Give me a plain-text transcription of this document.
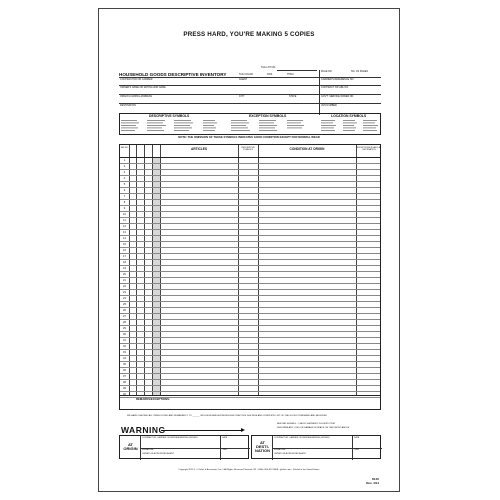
PRESS HARD, YOU'RE MAKING 5 COPIES
TAG LOT NO.
HOUSEHOLD GOODS DESCRIPTIVE INVENTORY	TAG COLOR	NOS.	THRU
PAGE NO.	NO. OF PAGES
CONTRACTOR OR CARRIER	AGENT	CARRIER'S REFERENCE NO.
OWNER'S NAME OR RATING AND NAME	CONTRACT OR GBL NO.
ORIGIN LOADING ADDRESS	CITY	STATE	GOV'T. SERVICE ORDER NO.
DESTINATION	VAN NUMBER
DESCRIPTIVE SYMBOLS	EXCEPTION SYMBOLS	LOCATION SYMBOLS
NOTE: THE OMISSION OF THESE SYMBOLS INDICATES GOOD CONDITION EXCEPT FOR NORMAL WEAR
TAG NO.	ARTICLES	DESCRIPTIVE SYMBOLS	CONDITION AT ORIGIN	EXCEPTIONS (IF ANY) AT DESTINATION
1
2
3
4
5
6
7
8
9
10
11
12
13
14
15
16
17
18
19
20
21
22
23
24
25
26
27
28
29
30
31
32
33
34
35
36
37
38
39
40
REMARKS/EXCEPTIONS:
WE HAVE CHECKED ALL ITEMS LISTED AND NUMBERED 1 TO ______ INCLUSIVE AND ACKNOWLEDGE THAT THIS IS A TRUE AND COMPLETE LIST OF THE GOODS TENDERED AND RECEIVED
WARNING
BEFORE SIGNING – CHECK SHIPMENT, IS EVERY ITEM
DESCRIBE ANY LOSS OR DAMAGE IN SPACE ON THE FRONT ABOVE
AT ORIGIN
CONTRACTOR, CARRIER OR REPRESENTATIVE (DRIVER)	DATE
SIGNATURE
OWNER OR AUTHORIZED AGENT
TIME
AT DESTI- NATION
CONTRACTOR, CARRIER OR REPRESENTATIVE (DRIVER)	DATE
SIGNATURE
OWNER OR AUTHORIZED AGENT
TIME
Copyright 2014 J. J. Keller & Associates, Inc.® All Rights Reserved. Neenah, WI • USA • 800-327-6868 • jjkeller.com • Printed in the United States
814X
Rev. 4/14
